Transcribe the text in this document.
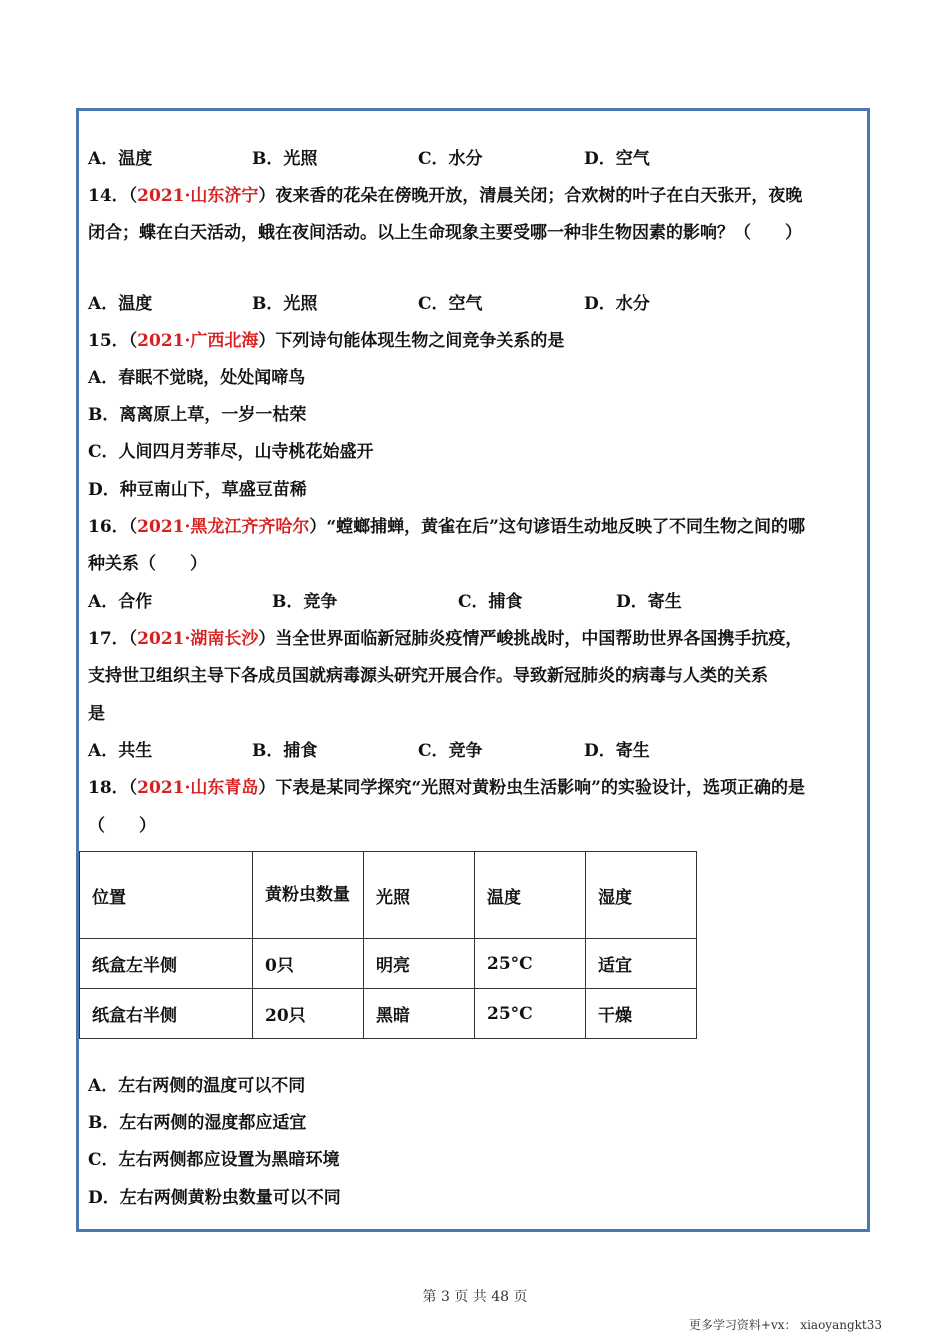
A．温度	B．光照	C．水分	D．空气
14．（2021·山东济宁）夜来香的花朵在傍晚开放，清晨关闭；合欢树的叶子在白天张开，夜晚
闭合；蝶在白天活动，蛾在夜间活动。以上生命现象主要受哪一种非生物因素的影响？（　　）
A．温度	B．光照	C．空气	D．水分
15．（2021·广西北海）下列诗句能体现生物之间竞争关系的是
A．春眠不觉晓，处处闻啼鸟
B．离离原上草，一岁一枯荣
C．人间四月芳菲尽，山寺桃花始盛开
D．种豆南山下，草盛豆苗稀
16．（2021·黑龙江齐齐哈尔）“螳螂捕蝉，黄雀在后”这句谚语生动地反映了不同生物之间的哪
种关系（　　）
A．合作	B．竞争	C．捕食	D．寄生
17．（2021·湖南长沙）当全世界面临新冠肺炎疫情严峻挑战时，中国帮助世界各国携手抗疫，
支持世卫组织主导下各成员国就病毒源头研究开展合作。导致新冠肺炎的病毒与人类的关系
是
A．共生	B．捕食	C．竞争	D．寄生
18．（2021·山东青岛）下表是某同学探究“光照对黄粉虫生活影响”的实验设计，选项正确的是
（　　）
位置	黄粉虫数量	光照	温度	湿度
纸盒左半侧	0只	明亮	25°C	适宜
纸盒右半侧	20只	黑暗	25°C	干燥
A．左右两侧的温度可以不同
B．左右两侧的湿度都应适宜
C．左右两侧都应设置为黑暗环境
D．左右两侧黄粉虫数量可以不同
第 3 页 共 48 页
更多学习资料+vx： xiaoyangkt33
